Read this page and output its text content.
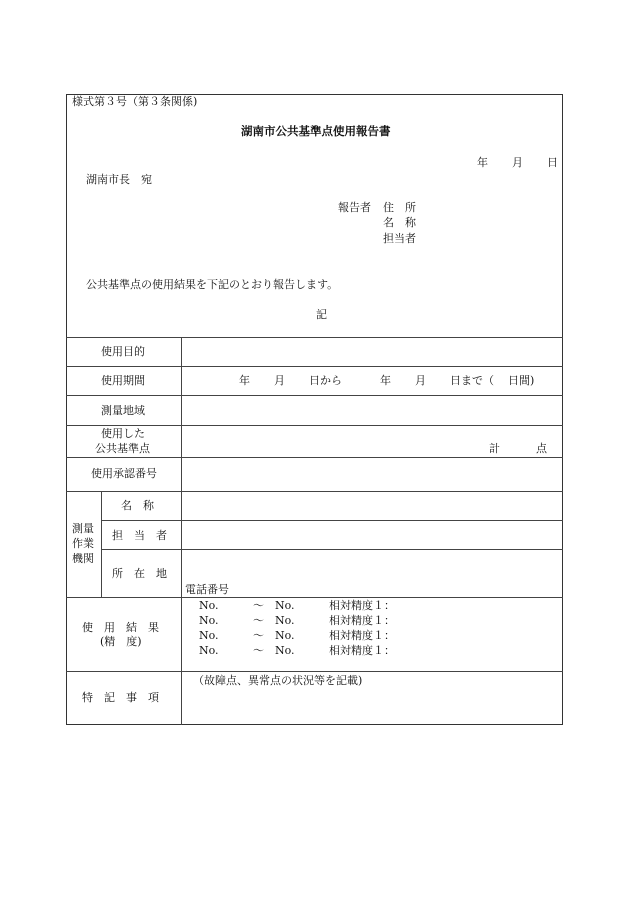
様式第３号（第３条関係)
湖南市公共基準点使用報告書
年 月 日
湖南市長　宛
報告者 住　所
名　称
担当者
公共基準点の使用結果を下記のとおり報告します。
記
使用目的
使用期間	年 月 日から	年 月 日まで（ 日間)
測量地域
使用した
公共基準点	計	点
使用承認番号
測量
作業
機関
名　称
担　当　者
所　在　地
電話番号
使　用　結　果
(精　度)
No.	〜 No.	相対精度１：
No.	〜 No.	相対精度１：
No.	〜 No.	相対精度１：
No.	〜 No.	相対精度１：
特　記　事　項
（故障点、異常点の状況等を記載)
